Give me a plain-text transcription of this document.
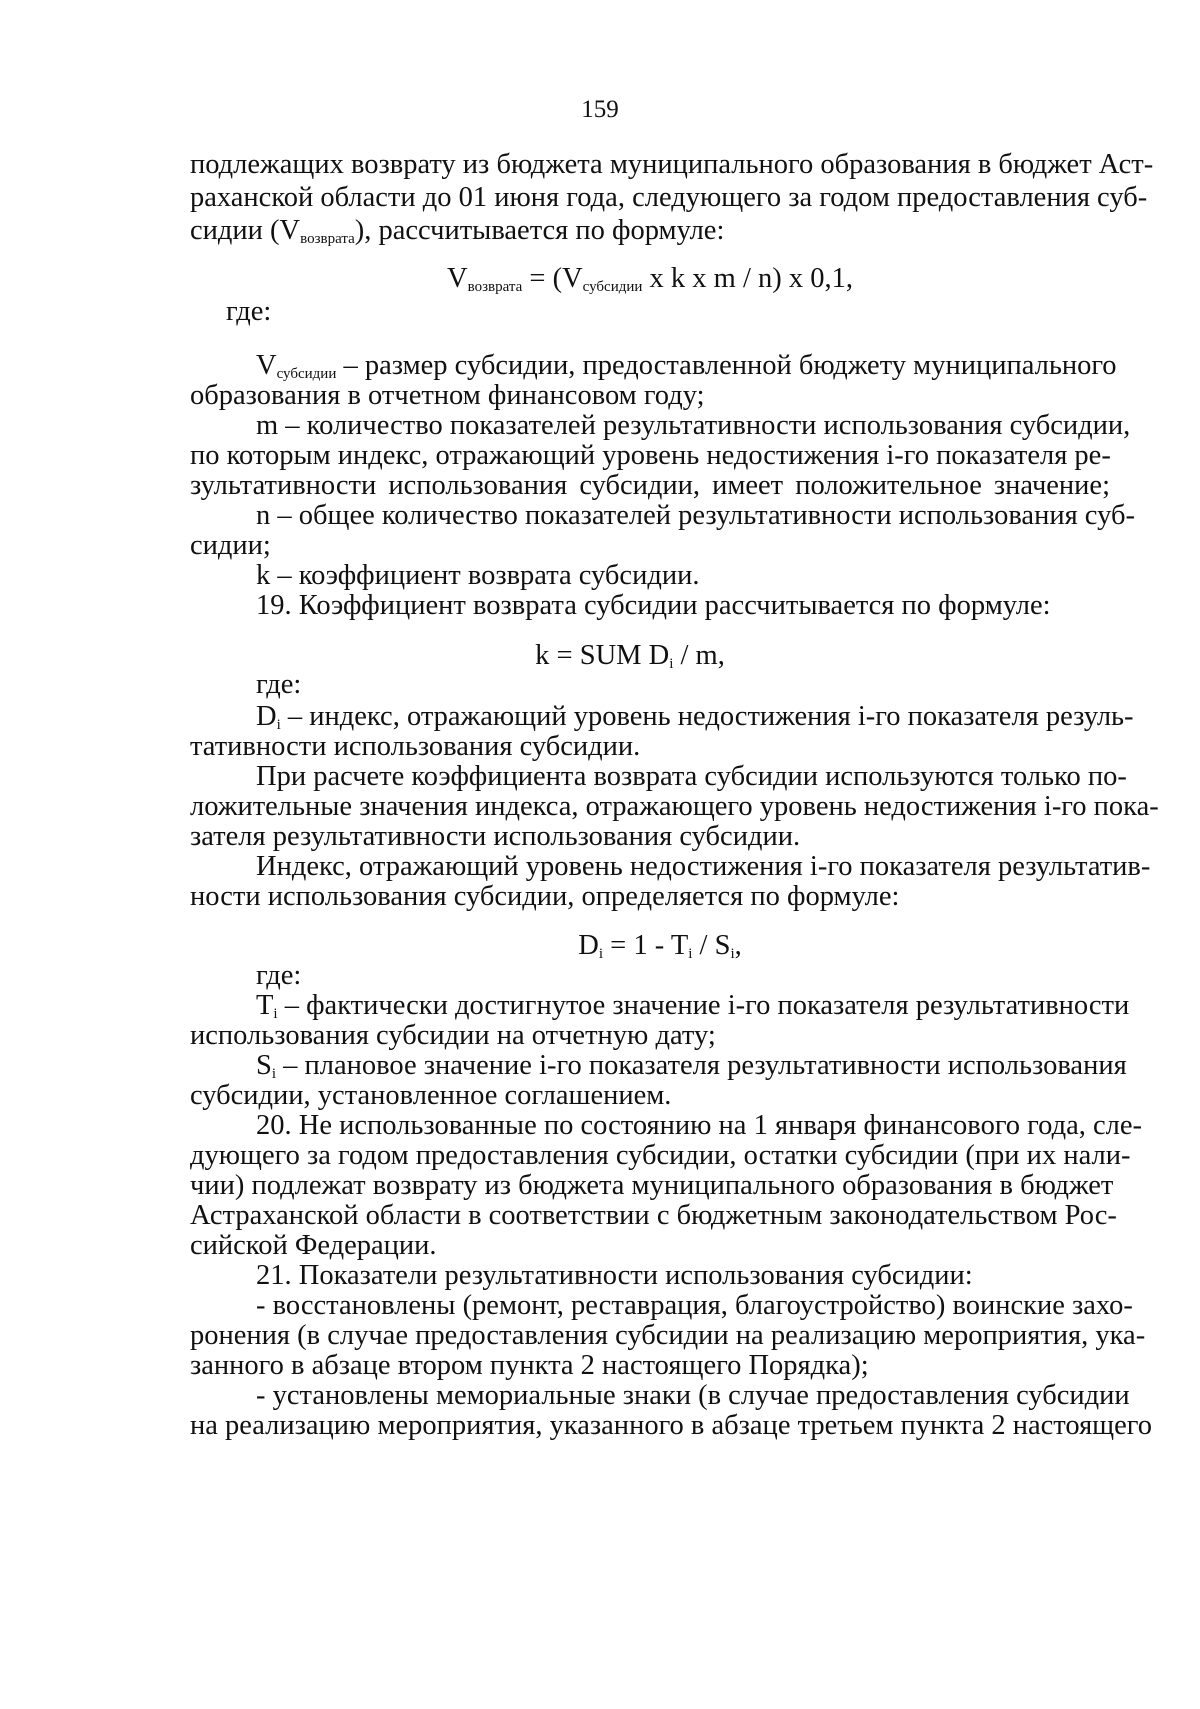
159
подлежащих возврату из бюджета муниципального образования в бюджет Аст-
раханской области до 01 июня года, следующего за годом предоставления суб-
сидии $(V_{возврата})$, рассчитывается по формуле:
$V_{возврата} = (V_{субсидии}$ x k x m / n) x 0,1,
где:
$V_{субсидии}$ – размер субсидии, предоставленной бюджету муниципального
образования в отчетном финансовом году;
m – количество показателей результативности использования субсидии,
по которым индекс, отражающий уровень недостижения i-го показателя ре-
зультативности использования субсидии, имеет положительное значение;
n – общее количество показателей результативности использования суб-
сидии;
k – коэффициент возврата субсидии.
19. Коэффициент возврата субсидии рассчитывается по формуле:
k = SUM $D_i$ / m,
где:
$D_i$ – индекс, отражающий уровень недостижения i-го показателя резуль-
тативности использования субсидии.
При расчете коэффициента возврата субсидии используются только по-
ложительные значения индекса, отражающего уровень недостижения i-го пока-
зателя результативности использования субсидии.
Индекс, отражающий уровень недостижения i-го показателя результатив-
ности использования субсидии, определяется по формуле:
$D_i = 1 - T_i / S_i$,
где:
$T_i$ – фактически достигнутое значение i-го показателя результативности
использования субсидии на отчетную дату;
$S_i$ – плановое значение i-го показателя результативности использования
субсидии, установленное соглашением.
20. Не использованные по состоянию на 1 января финансового года, сле-
дующего за годом предоставления субсидии, остатки субсидии (при их нали-
чии) подлежат возврату из бюджета муниципального образования в бюджет
Астраханской области в соответствии с бюджетным законодательством Рос-
сийской Федерации.
21. Показатели результативности использования субсидии:
- восстановлены (ремонт, реставрация, благоустройство) воинские захо-
ронения (в случае предоставления субсидии на реализацию мероприятия, ука-
занного в абзаце втором пункта 2 настоящего Порядка);
- установлены мемориальные знаки (в случае предоставления субсидии
на реализацию мероприятия, указанного в абзаце третьем пункта 2 настоящего
